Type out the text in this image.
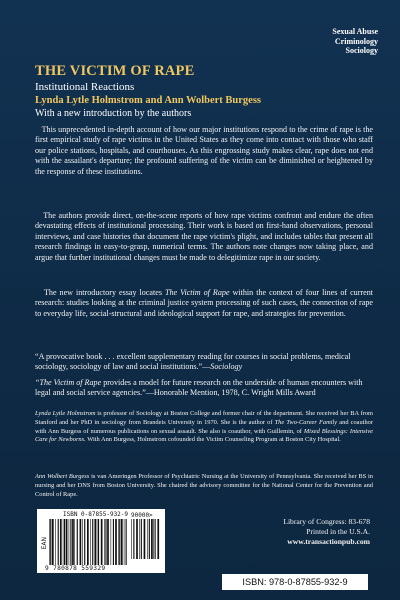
Sexual Abuse
Criminology
Sociology
THE VICTIM OF RAPE
Institutional Reactions
Lynda Lytle Holmstrom and Ann Wolbert Burgess
With a new introduction by the authors

This unprecedented in-depth account of how our major institutions respond to the crime of rape is the first empirical study of rape victims in the United States as they come into contact with those who staff our police stations, hospitals, and courthouses. As this engrossing study makes clear, rape does not end with the assailant's departure; the profound suffering of the victim can be diminished or heightened by the response of these institutions.

The authors provide direct, on-the-scene reports of how rape victims confront and endure the often devastating effects of institutional processing. Their work is based on first-hand observations, personal interviews, and case histories that document the rape victim's plight, and includes tables that present all research findings in easy-to-grasp, numerical terms. The authors note changes now taking place, and argue that further institutional changes must be made to delegitimize rape in our society.

The new introductory essay locates The Victim of Rape within the context of four lines of current research: studies looking at the criminal justice system processing of such cases, the connection of rape to everyday life, social-structural and ideological support for rape, and strategies for prevention.

“A provocative book . . . excellent supplementary reading for courses in social problems, medical sociology, sociology of law and social institutions.”—Sociology

“The Victim of Rape provides a model for future research on the underside of human encounters with legal and social service agencies.”—Honorable Mention, 1978, C. Wright Mills Award

Lynda Lytle Holmstrom is professor of Sociology at Boston College and former chair of the department. She received her BA from Stanford and her PhD in sociology from Brandeis University in 1970. She is the author of The Two-Career Family and coauthor with Ann Burgess of numerous publications on sexual assault. She also is coauthor, with Guillemin, of Mixed Blessings: Intensive Care for Newborns. With Ann Burgess, Holmstrom cofounded the Victim Counseling Program at Boston City Hospital.

Ann Wolbert Burgess is van Ameringen Professor of Psychiatric Nursing at the University of Pennsylvania. She received her BS in nursing and her DNS from Boston University. She chaired the advisory committee for the National Center for the Prevention and Control of Rape.

ISBN 0-87855-932-9 90000>
EAN
9 780878 559329
Library of Congress: 83-678
Printed in the U.S.A.
www.transactionpub.com
ISBN: 978-0-87855-932-9
